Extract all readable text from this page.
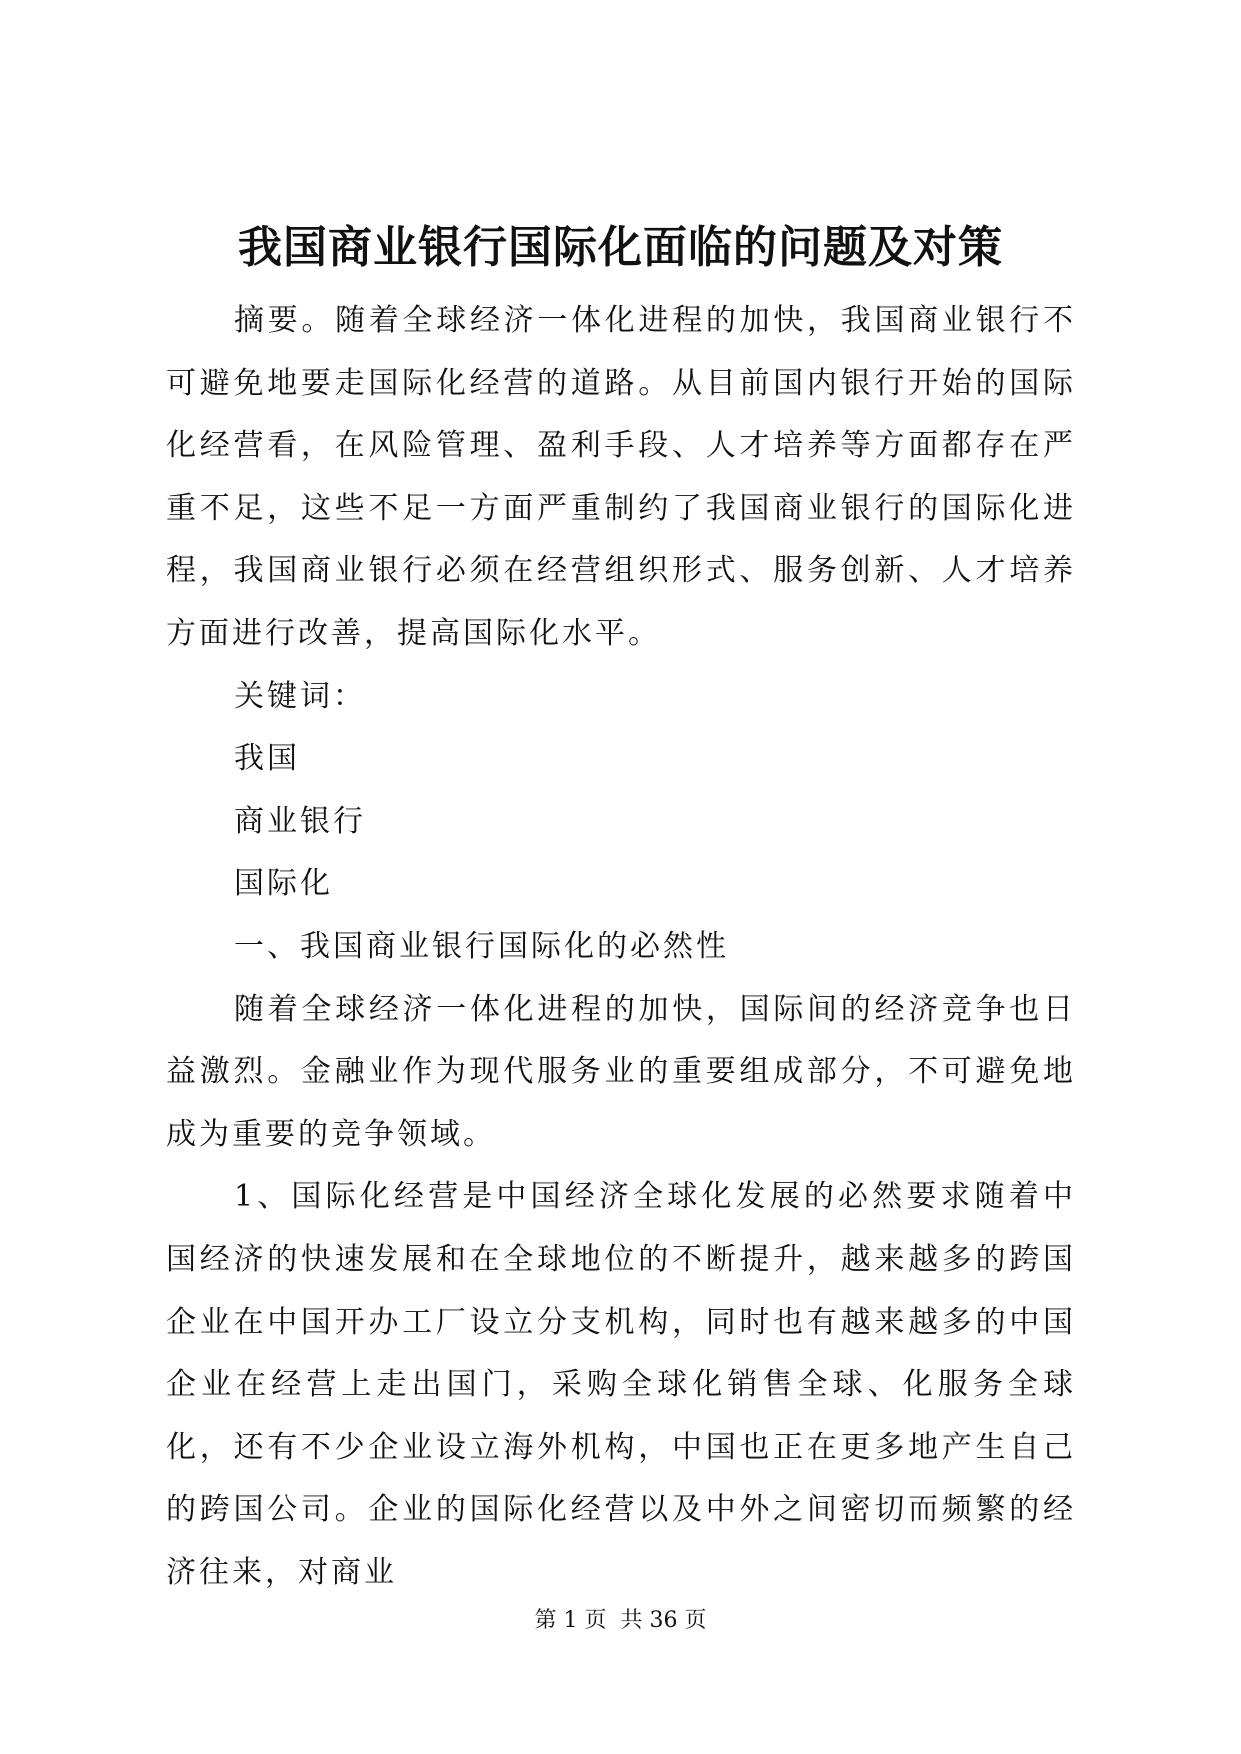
我国商业银行国际化面临的问题及对策

摘要。随着全球经济一体化进程的加快，我国商业银行不可避免地要走国际化经营的道路。从目前国内银行开始的国际化经营看，在风险管理、盈利手段、人才培养等方面都存在严重不足，这些不足一方面严重制约了我国商业银行的国际化进程，我国商业银行必须在经营组织形式、服务创新、人才培养方面进行改善，提高国际化水平。

关键词：

我国

商业银行

国际化

一、我国商业银行国际化的必然性

随着全球经济一体化进程的加快，国际间的经济竞争也日益激烈。金融业作为现代服务业的重要组成部分，不可避免地成为重要的竞争领域。

1、国际化经营是中国经济全球化发展的必然要求随着中国经济的快速发展和在全球地位的不断提升，越来越多的跨国企业在中国开办工厂设立分支机构，同时也有越来越多的中国企业在经营上走出国门，采购全球化销售全球、化服务全球化，还有不少企业设立海外机构，中国也正在更多地产生自己的跨国公司。企业的国际化经营以及中外之间密切而频繁的经济往来，对商业

第 1 页  共 36 页
